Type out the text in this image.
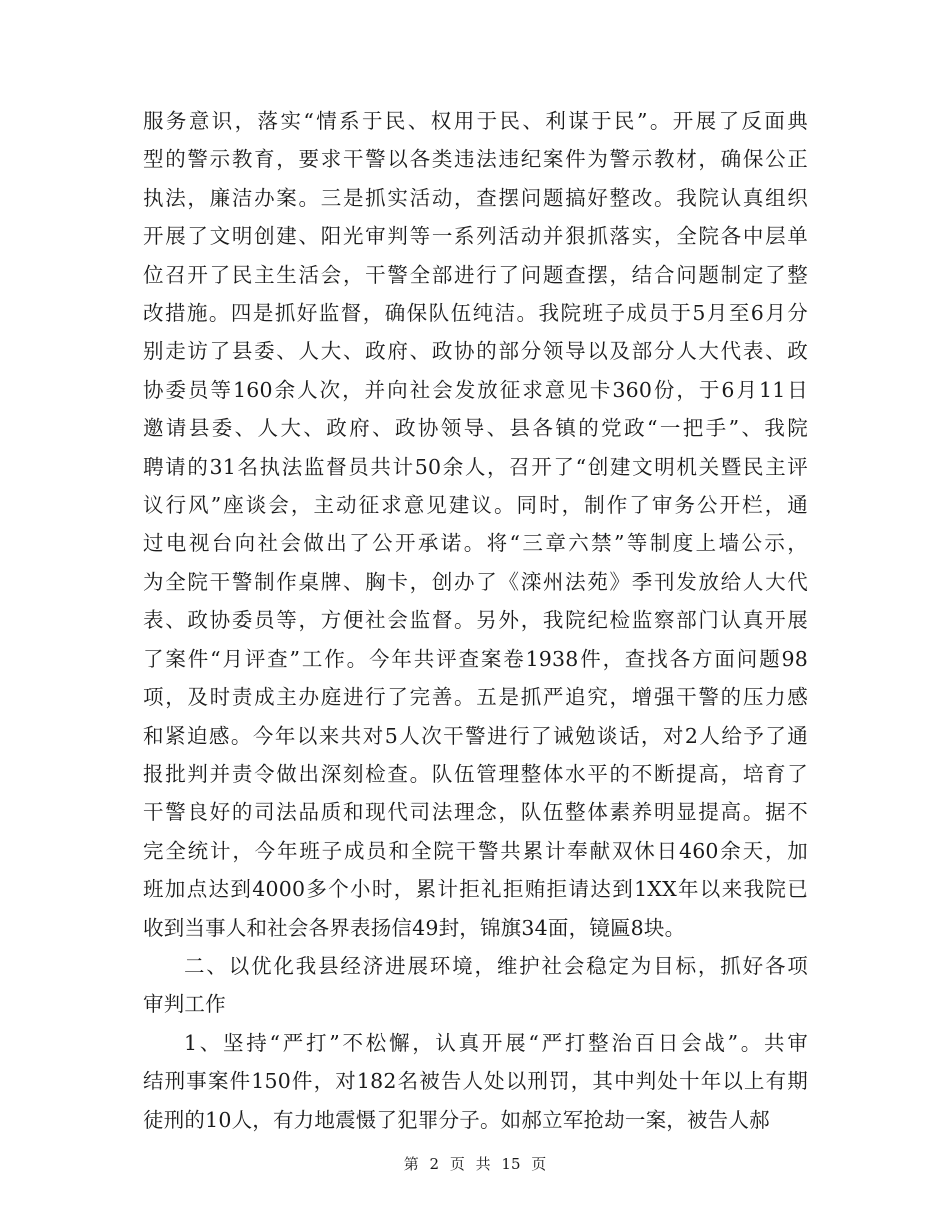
服务意识，落实“情系于民、权用于民、利谋于民”。开展了反面典
型的警示教育，要求干警以各类违法违纪案件为警示教材，确保公正
执法，廉洁办案。三是抓实活动，查摆问题搞好整改。我院认真组织
开展了文明创建、阳光审判等一系列活动并狠抓落实，全院各中层单
位召开了民主生活会，干警全部进行了问题查摆，结合问题制定了整
改措施。四是抓好监督，确保队伍纯洁。我院班子成员于5月至6月分
别走访了县委、人大、政府、政协的部分领导以及部分人大代表、政
协委员等160余人次，并向社会发放征求意见卡360份，于6月11日
邀请县委、人大、政府、政协领导、县各镇的党政“一把手”、我院
聘请的31名执法监督员共计50余人，召开了“创建文明机关暨民主评
议行风”座谈会，主动征求意见建议。同时，制作了审务公开栏，通
过电视台向社会做出了公开承诺。将“三章六禁”等制度上墙公示，
为全院干警制作桌牌、胸卡，创办了《滦州法苑》季刊发放给人大代
表、政协委员等，方便社会监督。另外，我院纪检监察部门认真开展
了案件“月评查”工作。今年共评查案卷1938件，查找各方面问题98
项，及时责成主办庭进行了完善。五是抓严追究，增强干警的压力感
和紧迫感。今年以来共对5人次干警进行了诫勉谈话，对2人给予了通
报批判并责令做出深刻检查。队伍管理整体水平的不断提高，培育了
干警良好的司法品质和现代司法理念，队伍整体素养明显提高。据不
完全统计，今年班子成员和全院干警共累计奉献双休日460余天，加
班加点达到4000多个小时，累计拒礼拒贿拒请达到1XX年以来我院已
收到当事人和社会各界表扬信49封，锦旗34面，镜匾8块。

二、以优化我县经济进展环境，维护社会稳定为目标，抓好各项
审判工作

1、坚持“严打”不松懈，认真开展“严打整治百日会战”。共审
结刑事案件150件，对182名被告人处以刑罚，其中判处十年以上有期
徒刑的10人，有力地震慑了犯罪分子。如郝立军抢劫一案，被告人郝

第 2 页 共 15 页
